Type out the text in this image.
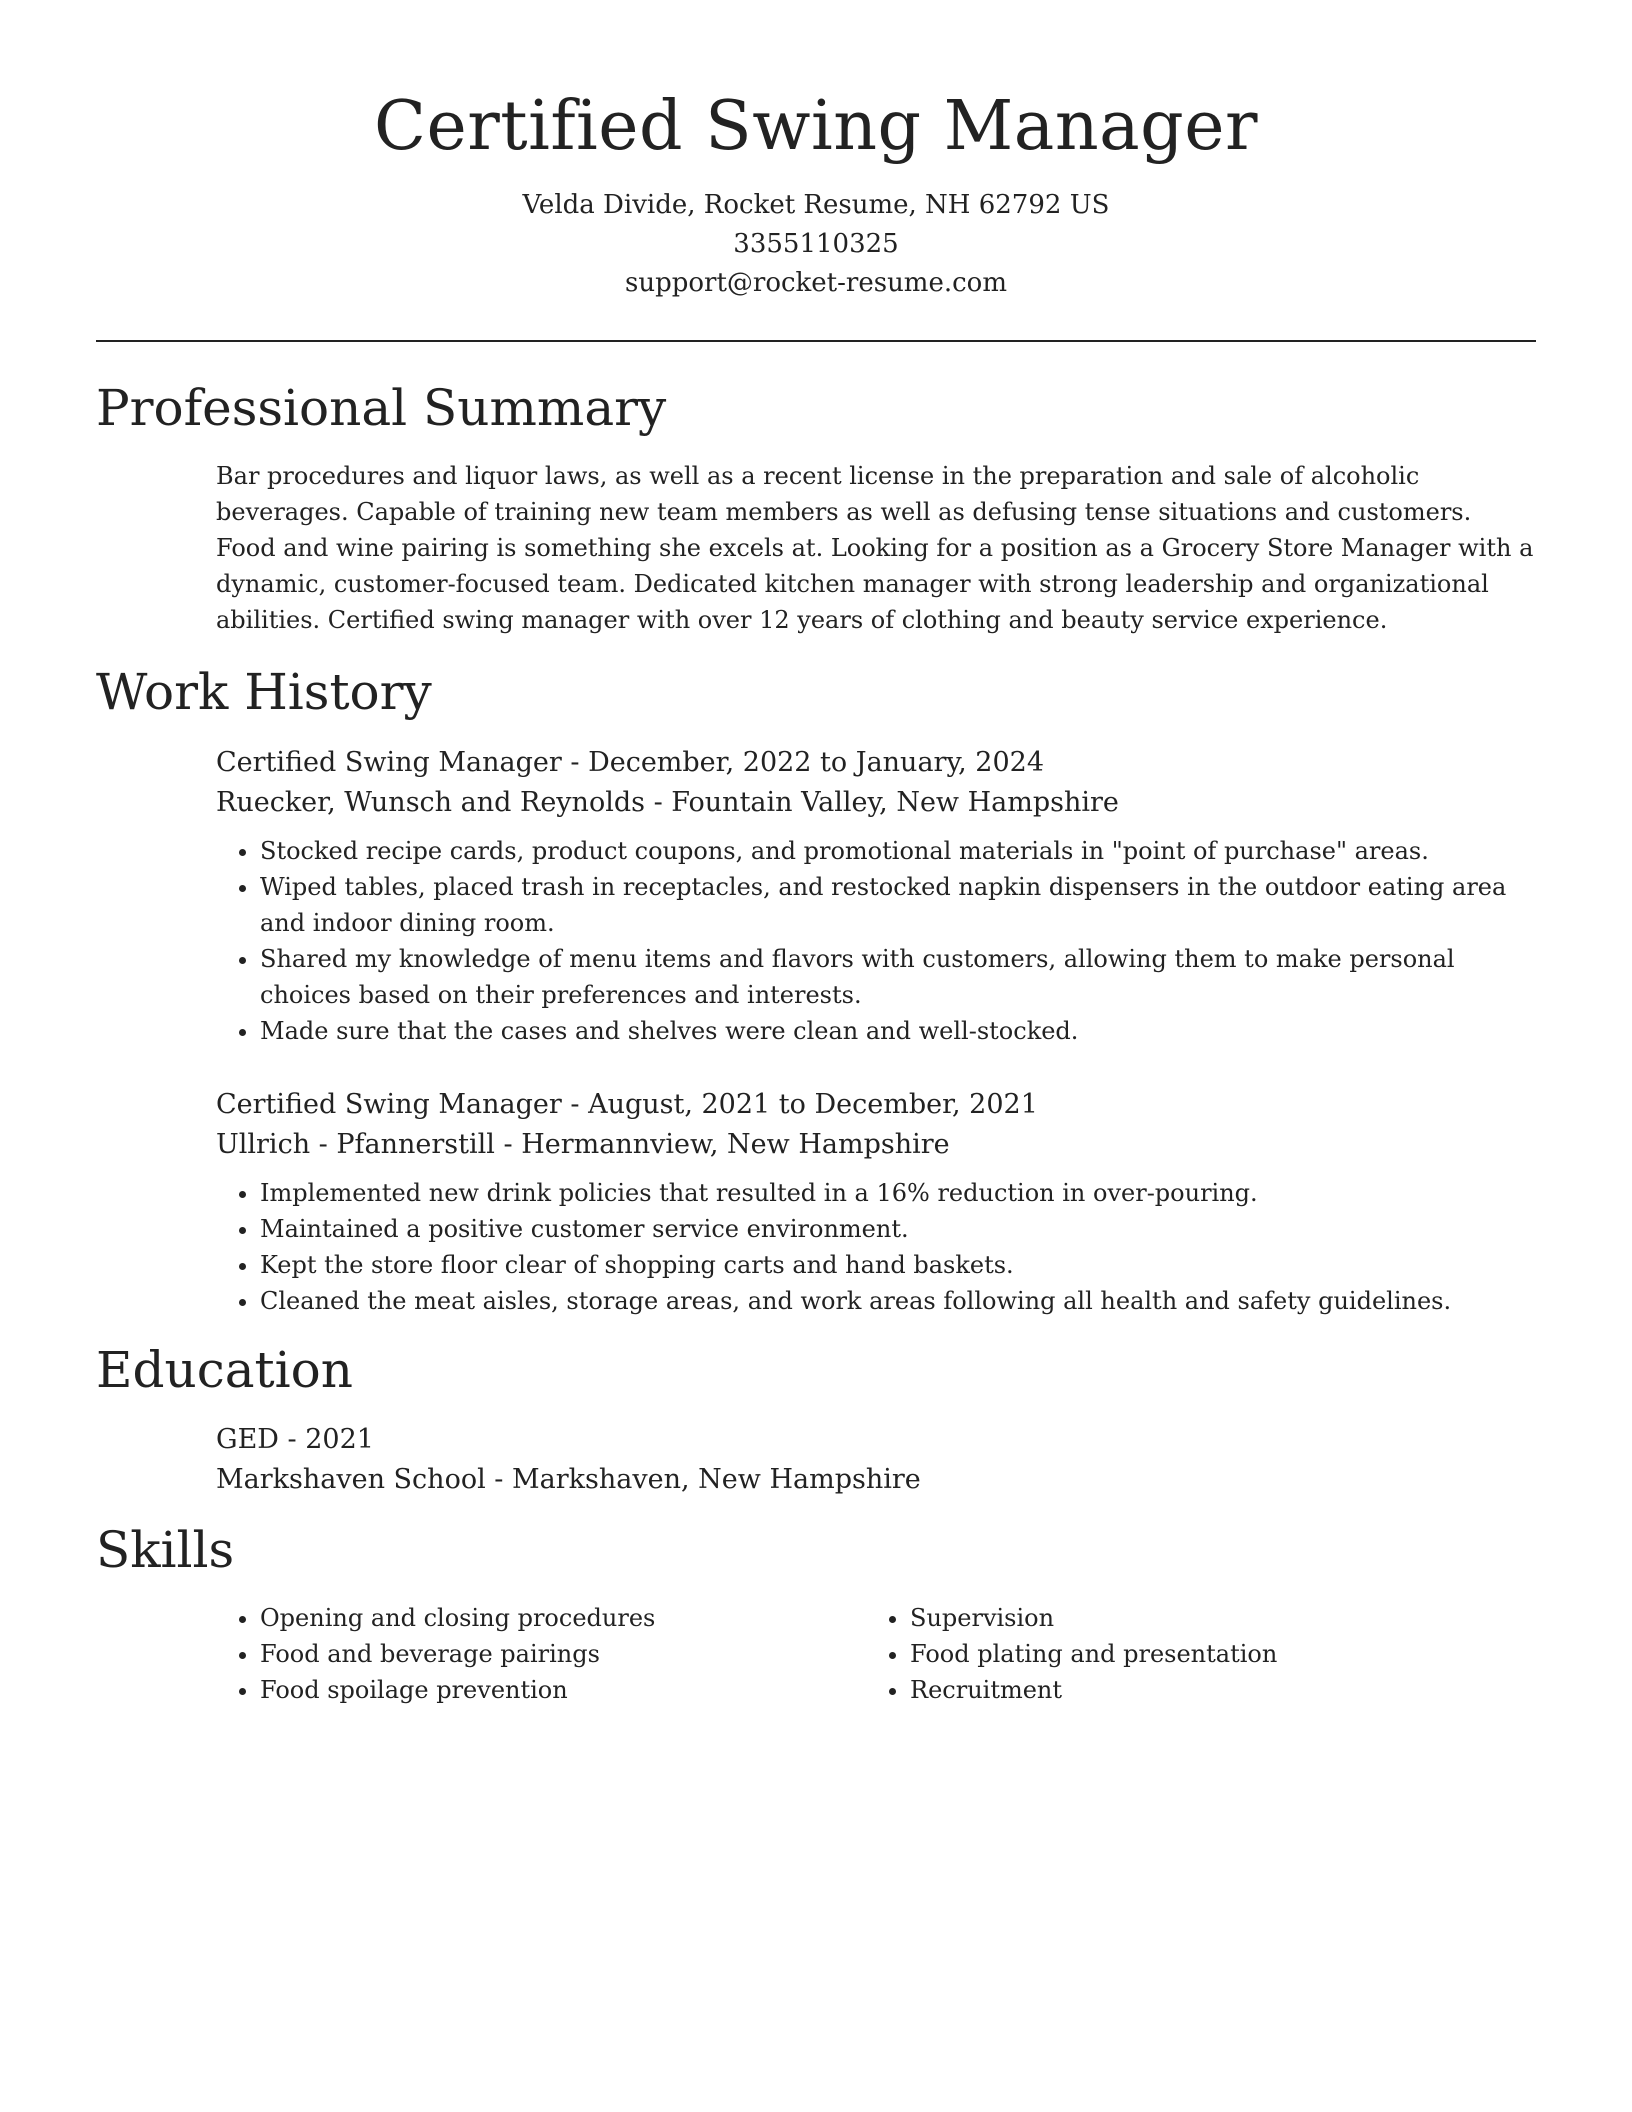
Certified Swing Manager

Velda Divide, Rocket Resume, NH 62792 US

3355110325

support@rocket-resume.com

Professional Summary

Bar procedures and liquor laws, as well as a recent license in the preparation and sale of alcoholic beverages. Capable of training new team members as well as defusing tense situations and customers. Food and wine pairing is something she excels at. Looking for a position as a Grocery Store Manager with a dynamic, customer-focused team. Dedicated kitchen manager with strong leadership and organizational abilities. Certified swing manager with over 12 years of clothing and beauty service experience.

Work History

Certified Swing Manager - December, 2022 to January, 2024

Ruecker, Wunsch and Reynolds - Fountain Valley, New Hampshire

• Stocked recipe cards, product coupons, and promotional materials in "point of purchase" areas.
• Wiped tables, placed trash in receptacles, and restocked napkin dispensers in the outdoor eating area and indoor dining room.
• Shared my knowledge of menu items and flavors with customers, allowing them to make personal choices based on their preferences and interests.
• Made sure that the cases and shelves were clean and well-stocked.

Certified Swing Manager - August, 2021 to December, 2021

Ullrich - Pfannerstill - Hermannview, New Hampshire

• Implemented new drink policies that resulted in a 16% reduction in over-pouring.
• Maintained a positive customer service environment.
• Kept the store floor clear of shopping carts and hand baskets.
• Cleaned the meat aisles, storage areas, and work areas following all health and safety guidelines.
Education

GED - 2021

Markshaven School - Markshaven, New Hampshire

Skills
• Opening and closing procedures
• Food and beverage pairings
• Food spoilage prevention
• Supervision
• Food plating and presentation
• Recruitment
